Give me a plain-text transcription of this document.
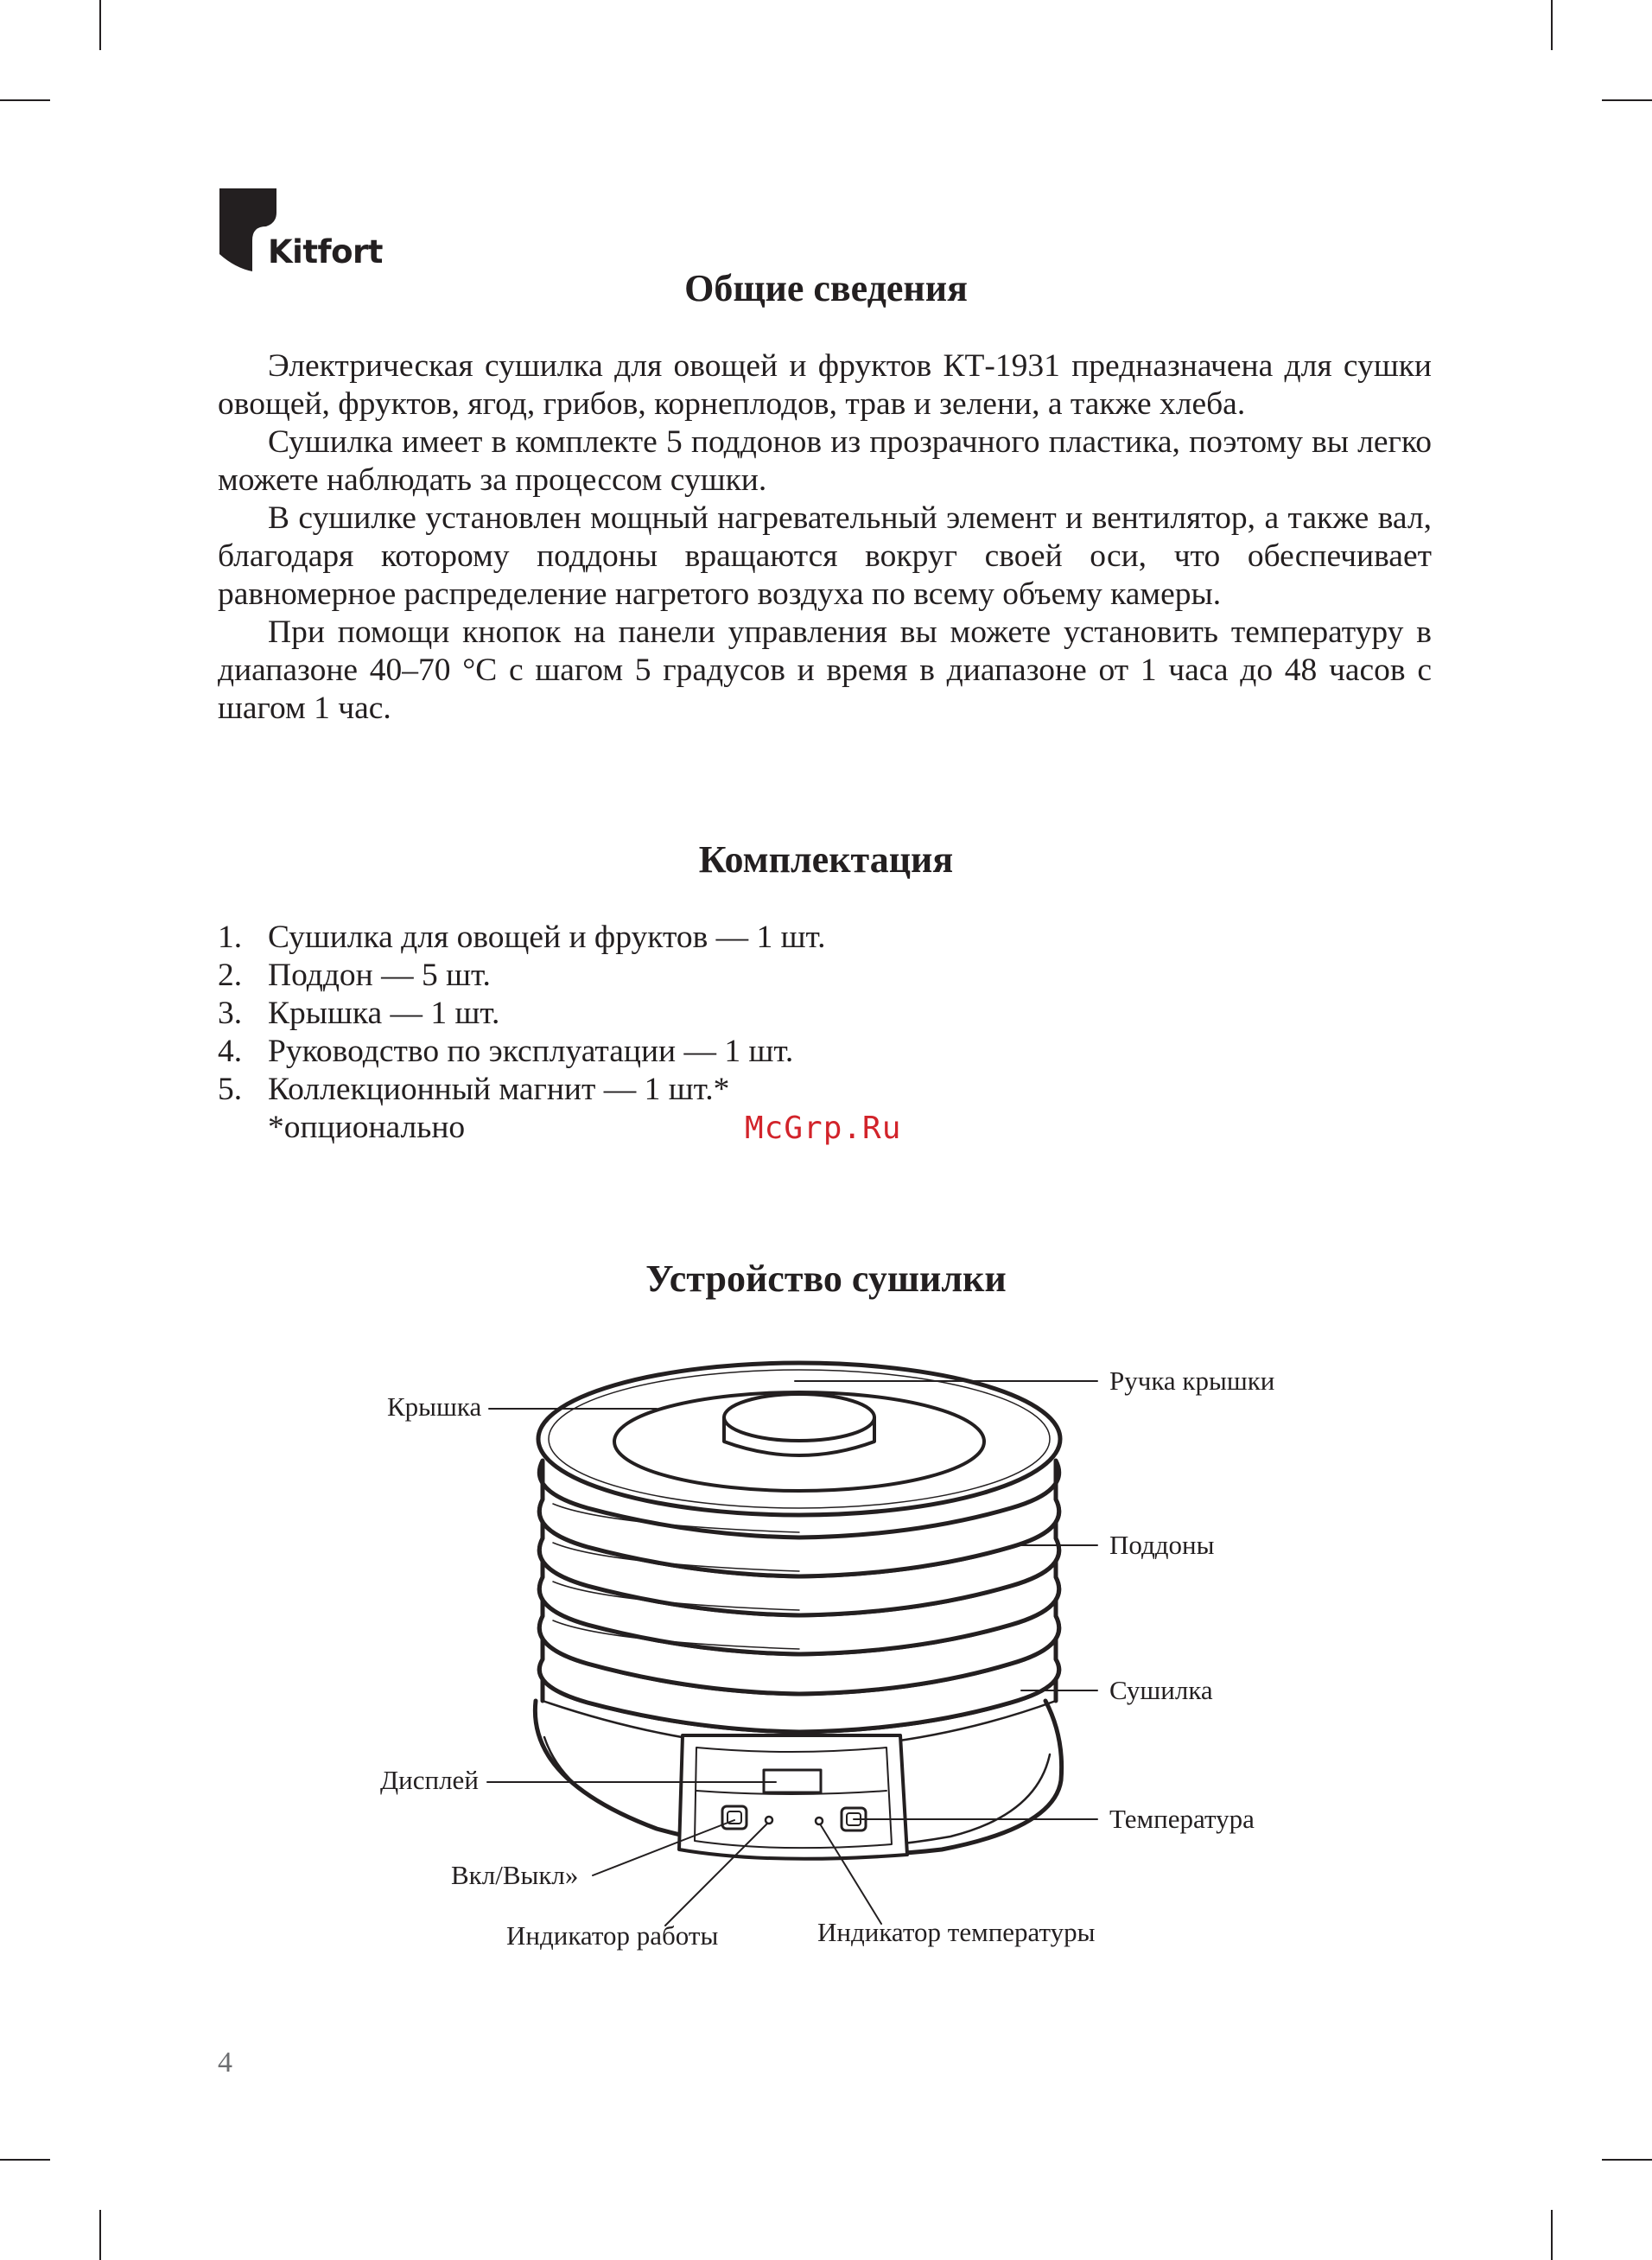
Kitfort
Общие сведения

Электрическая сушилка для овощей и фруктов КТ-1931 предназначена для сушки овощей, фруктов, ягод, грибов, корнеплодов, трав и зелени, а также хлеба.

Сушилка имеет в комплекте 5 поддонов из прозрачного пластика, поэтому вы легко можете наблюдать за процессом сушки.

В сушилке установлен мощный нагревательный элемент и вентилятор, а также вал, благодаря которому поддоны вращаются вокруг своей оси, что обеспечивает равномерное распределение нагретого воздуха по всему объему камеры.

При помощи кнопок на панели управления вы можете установить температуру в диапазоне 40–70 °С с шагом 5 градусов и время в диапазоне от 1 часа до 48 часов с шагом 1 час.

Комплектация
1. Сушилка для овощей и фруктов — 1 шт.
2. Поддон — 5 шт.
3. Крышка — 1 шт.
4. Руководство по эксплуатации — 1 шт.
5. Коллекционный магнит — 1 шт.*
*опционально	McGrp.Ru
Устройство сушилки
Крышка
Ручка крышки
Поддоны
Сушилка
Дисплей
Температура
Вкл/Выкл»
Индикатор работы	Индикатор температуры
4
